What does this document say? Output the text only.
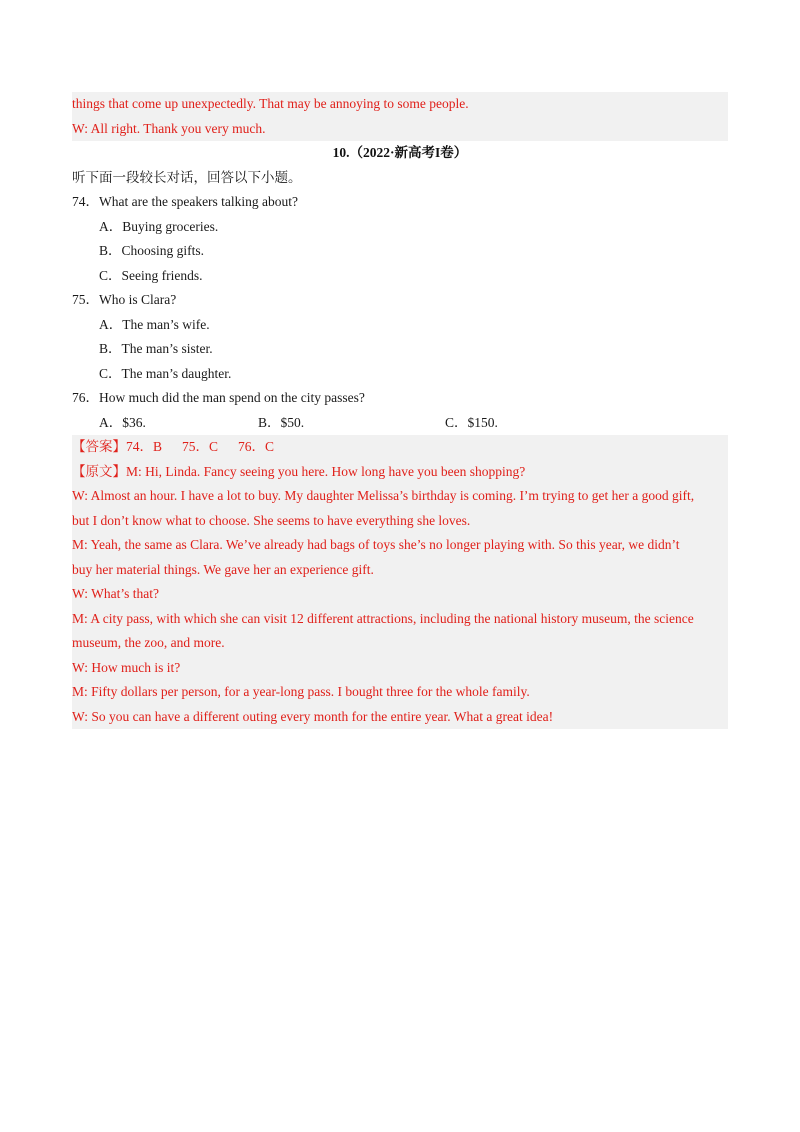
things that come up unexpectedly. That may be annoying to some people.
W: All right. Thank you very much.
10.（2022·新高考I卷）
听下面一段较长对话，回答以下小题。
74．What are the speakers talking about?
A．Buying groceries.
B．Choosing gifts.
C．Seeing friends.
75．Who is Clara?
A．The man’s wife.
B．The man’s sister.
C．The man’s daughter.
76．How much did the man spend on the city passes?
A．$36.	B．$50.	C．$150.
【答案】74．B 75．C 76．C
【原文】M: Hi, Linda. Fancy seeing you here. How long have you been shopping?
W: Almost an hour. I have a lot to buy. My daughter Melissa’s birthday is coming. I’m trying to get her a good gift,
but I don’t know what to choose. She seems to have everything she loves.
M: Yeah, the same as Clara. We’ve already had bags of toys she’s no longer playing with. So this year, we didn’t
buy her material things. We gave her an experience gift.
W: What’s that?
M: A city pass, with which she can visit 12 different attractions, including the national history museum, the science
museum, the zoo, and more.
W: How much is it?
M: Fifty dollars per person, for a year-long pass. I bought three for the whole family.
W: So you can have a different outing every month for the entire year. What a great idea!
